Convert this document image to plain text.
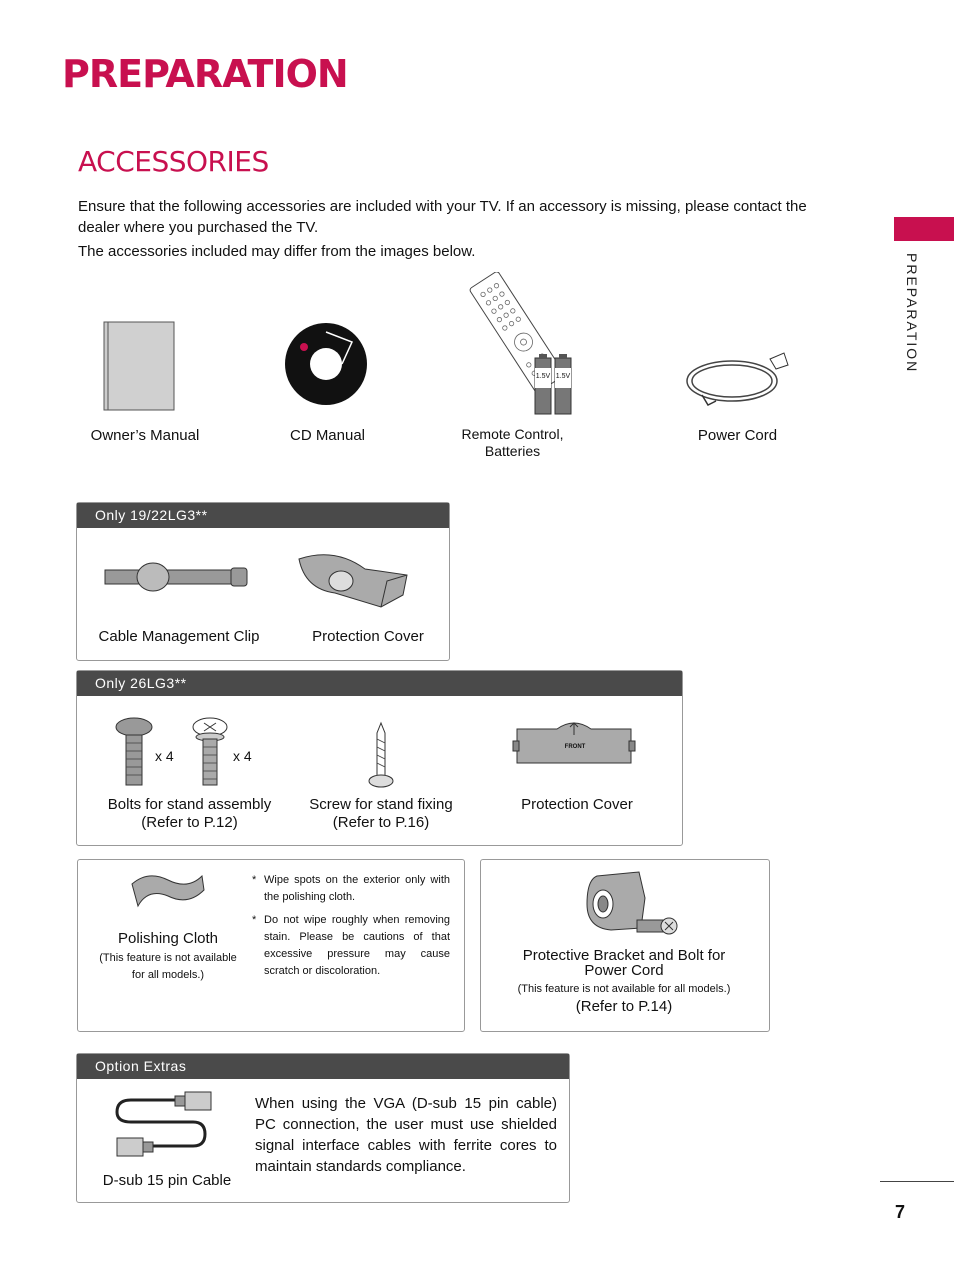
PREPARATION
ACCESSORIES

Ensure that the following accessories are included with your TV. If an accessory is missing, please contact the dealer where you purchased the TV.

The accessories included may differ from the images below.

PREPARATION
1.5V 1.5V
Owner’s Manual	CD Manual	Remote Control,
Batteries
Power Cord
Only 19/22LG3**
Cable Management Clip	Protection Cover
Only 26LG3**
x 4	x 4
FRONT
Bolts for stand assembly
(Refer to P.12)
Screw for stand fixing
(Refer to P.16)
Protection Cover
Polishing Cloth
(This feature is not available
for all models.)
* Wipe spots on the exterior only with the polishing cloth.
* Do not wipe roughly when removing stain. Please be cautions of that excessive pressure may cause scratch or discoloration.
Protective Bracket and Bolt for
Power Cord
(This feature is not available for all models.)
(Refer to P.14)
Option Extras
D-sub 15 pin Cable
When using the VGA (D-sub 15 pin cable) PC connection, the user must use shielded signal interface cables with ferrite cores to maintain standards compliance.
7
